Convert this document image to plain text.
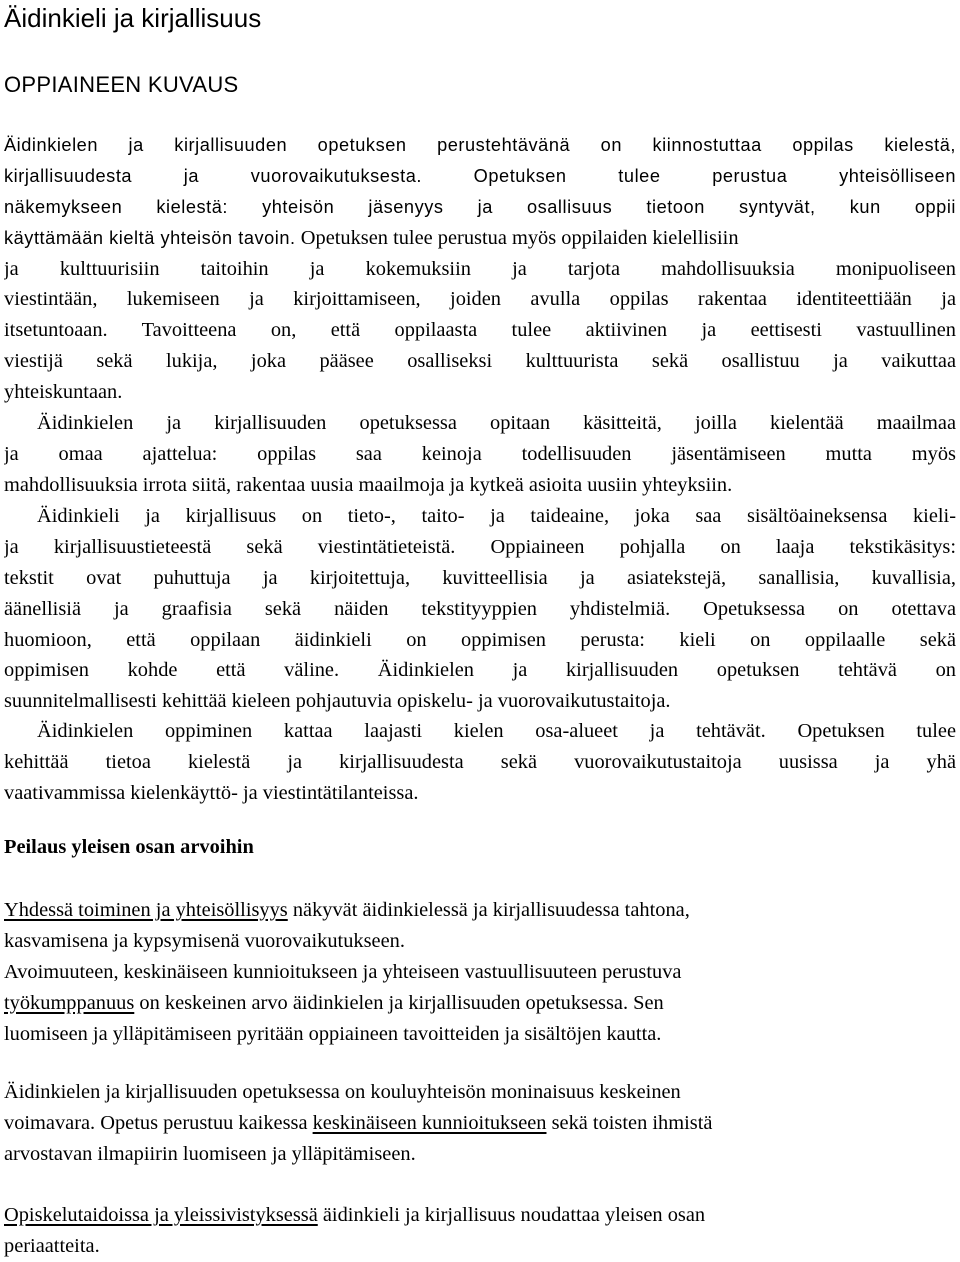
Äidinkieli ja kirjallisuus
OPPIAINEEN KUVAUS
Äidinkielen ja kirjallisuuden opetuksen perustehtävänä on kiinnostuttaa oppilas kielestä,
kirjallisuudesta ja vuorovaikutuksesta. Opetuksen tulee perustua yhteisölliseen
näkemykseen kielestä: yhteisön jäsenyys ja osallisuus tietoon syntyvät, kun oppii
käyttämään kieltä yhteisön tavoin. Opetuksen tulee perustua myös oppilaiden kielellisiin
ja kulttuurisiin taitoihin ja kokemuksiin ja tarjota mahdollisuuksia monipuoliseen
viestintään, lukemiseen ja kirjoittamiseen, joiden avulla oppilas rakentaa identiteettiään ja
itsetuntoaan. Tavoitteena on, että oppilaasta tulee aktiivinen ja eettisesti vastuullinen
viestijä sekä lukija, joka pääsee osalliseksi kulttuurista sekä osallistuu ja vaikuttaa
yhteiskuntaan.
Äidinkielen ja kirjallisuuden opetuksessa opitaan käsitteitä, joilla kielentää maailmaa
ja omaa ajattelua: oppilas saa keinoja todellisuuden jäsentämiseen mutta myös
mahdollisuuksia irrota siitä, rakentaa uusia maailmoja ja kytkeä asioita uusiin yhteyksiin.
Äidinkieli ja kirjallisuus on tieto-, taito- ja taideaine, joka saa sisältöaineksensa kieli-
ja kirjallisuustieteestä sekä viestintätieteistä. Oppiaineen pohjalla on laaja tekstikäsitys:
tekstit ovat puhuttuja ja kirjoitettuja, kuvitteellisia ja asiatekstejä, sanallisia, kuvallisia,
äänellisiä ja graafisia sekä näiden tekstityyppien yhdistelmiä. Opetuksessa on otettava
huomioon, että oppilaan äidinkieli on oppimisen perusta: kieli on oppilaalle sekä
oppimisen kohde että väline. Äidinkielen ja kirjallisuuden opetuksen tehtävä on
suunnitelmallisesti kehittää kieleen pohjautuvia opiskelu- ja vuorovaikutustaitoja.
Äidinkielen oppiminen kattaa laajasti kielen osa-alueet ja tehtävät. Opetuksen tulee
kehittää tietoa kielestä ja kirjallisuudesta sekä vuorovaikutustaitoja uusissa ja yhä
vaativammissa kielenkäyttö- ja viestintätilanteissa.
Peilaus yleisen osan arvoihin
Yhdessä toiminen ja yhteisöllisyys näkyvät äidinkielessä ja kirjallisuudessa tahtona,
kasvamisena ja kypsymisenä vuorovaikutukseen.
Avoimuuteen, keskinäiseen kunnioitukseen ja yhteiseen vastuullisuuteen perustuva
työkumppanuus on keskeinen arvo äidinkielen ja kirjallisuuden opetuksessa. Sen
luomiseen ja ylläpitämiseen pyritään oppiaineen tavoitteiden ja sisältöjen kautta.
Äidinkielen ja kirjallisuuden opetuksessa on kouluyhteisön moninaisuus keskeinen
voimavara. Opetus perustuu kaikessa keskinäiseen kunnioitukseen sekä toisten ihmistä
arvostavan ilmapiirin luomiseen ja ylläpitämiseen.
Opiskelutaidoissa ja yleissivistyksessä äidinkieli ja kirjallisuus noudattaa yleisen osan
periaatteita.
